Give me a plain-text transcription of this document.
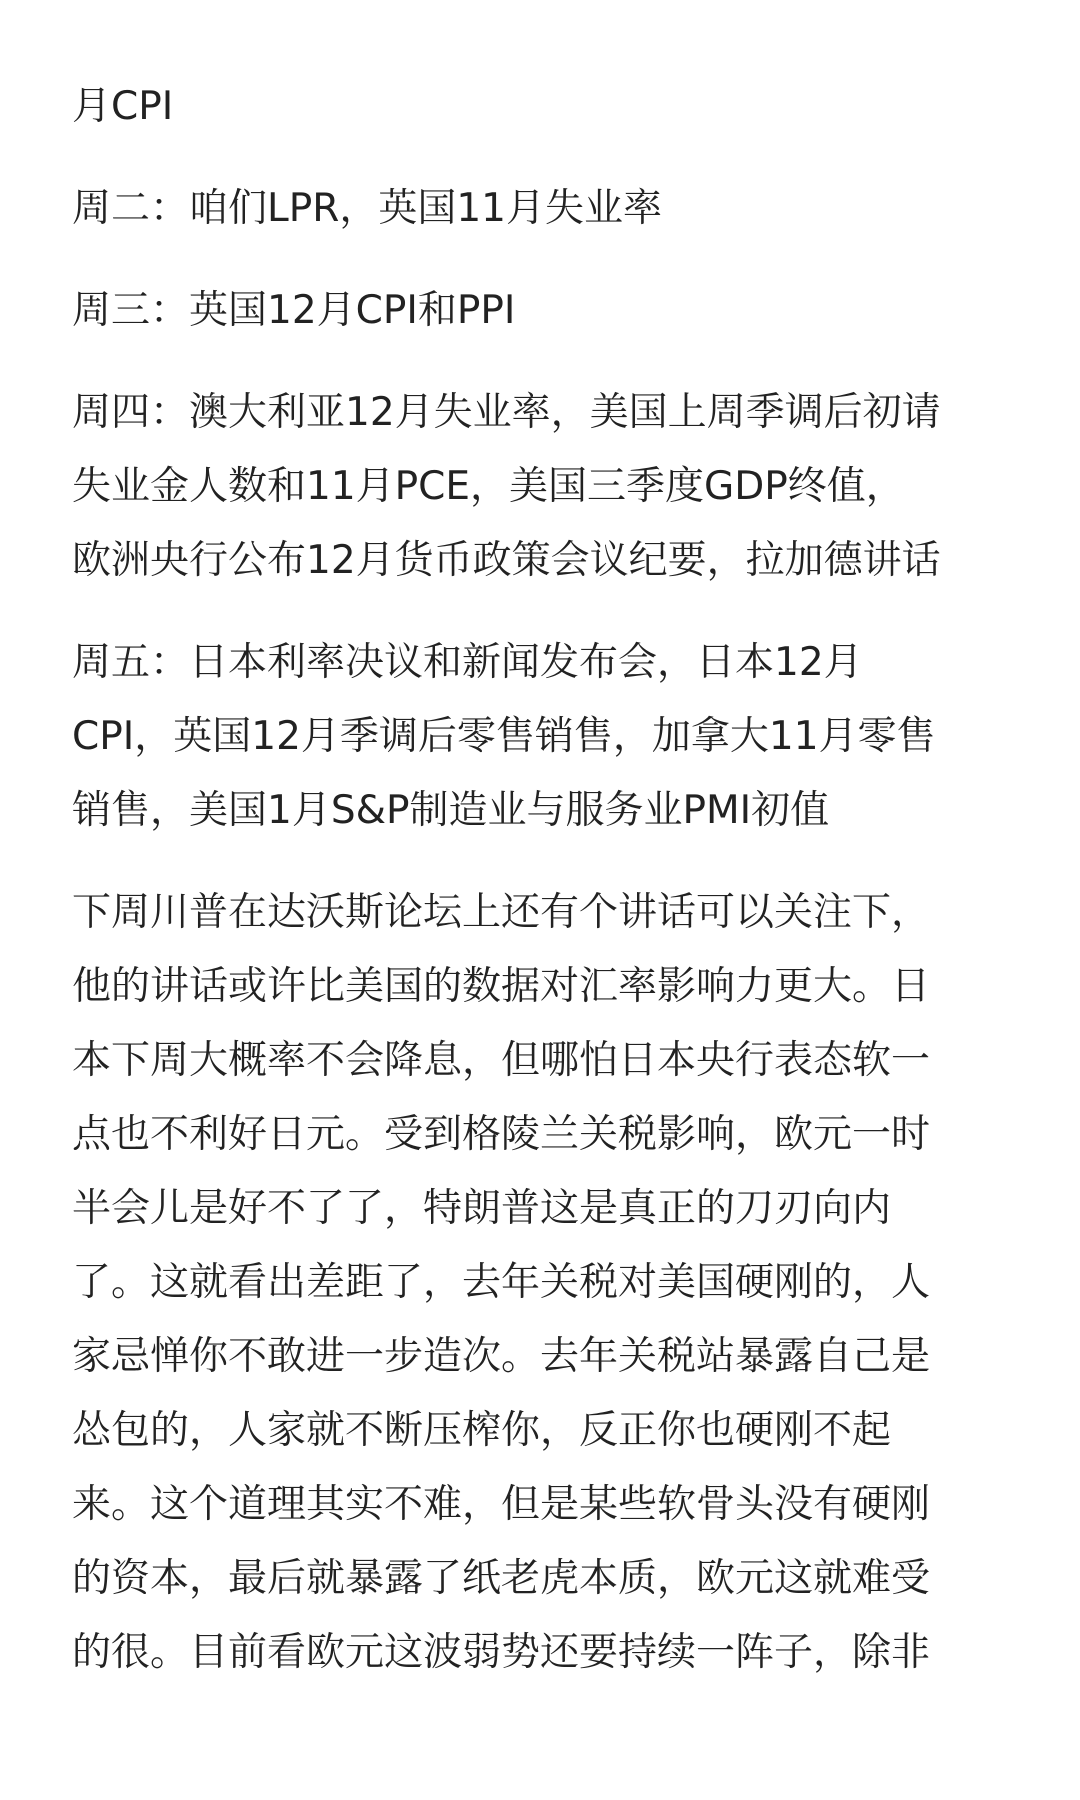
月CPI

周二：咱们LPR，英国11月失业率

周三：英国12月CPI和PPI

周四：澳大利亚12月失业率，美国上周季调后初请
失业金人数和11月PCE，美国三季度GDP终值，
欧洲央行公布12月货币政策会议纪要，拉加德讲话

周五：日本利率决议和新闻发布会，日本12月
CPI，英国12月季调后零售销售，加拿大11月零售
销售，美国1月S&P制造业与服务业PMI初值

下周川普在达沃斯论坛上还有个讲话可以关注下，
他的讲话或许比美国的数据对汇率影响力更大。日
本下周大概率不会降息，但哪怕日本央行表态软一
点也不利好日元。受到格陵兰关税影响，欧元一时
半会儿是好不了了，特朗普这是真正的刀刃向内
了。这就看出差距了，去年关税对美国硬刚的，人
家忌惮你不敢进一步造次。去年关税站暴露自己是
怂包的，人家就不断压榨你，反正你也硬刚不起
来。这个道理其实不难，但是某些软骨头没有硬刚
的资本，最后就暴露了纸老虎本质，欧元这就难受
的很。目前看欧元这波弱势还要持续一阵子，除非
